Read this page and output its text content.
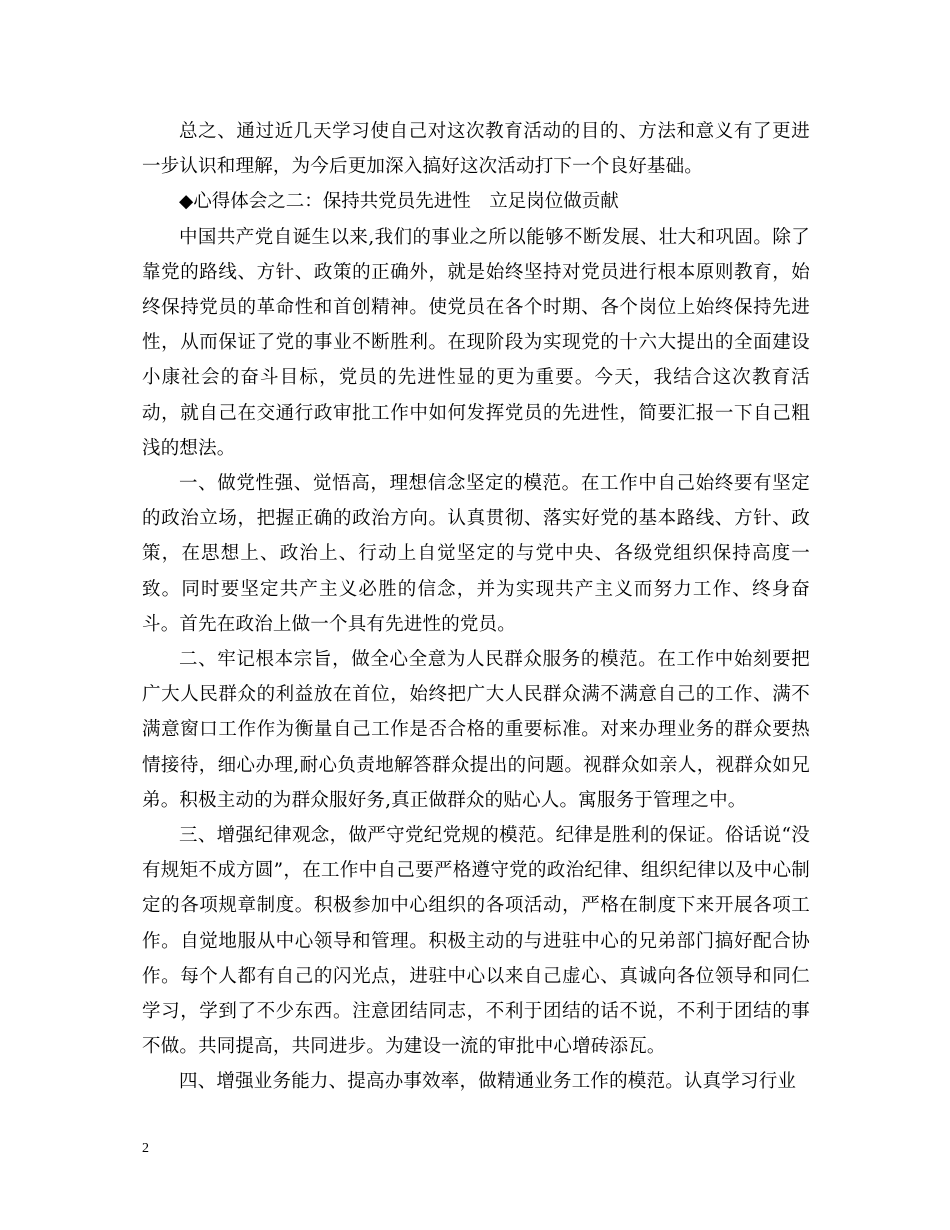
总之、通过近几天学习使自己对这次教育活动的目的、方法和意义有了更进一步认识和理解，为今后更加深入搞好这次活动打下一个良好基础。

◆心得体会之二：保持共党员先进性　立足岗位做贡献

中国共产党自诞生以来,我们的事业之所以能够不断发展、壮大和巩固。除了靠党的路线、方针、政策的正确外，就是始终坚持对党员进行根本原则教育，始终保持党员的革命性和首创精神。使党员在各个时期、各个岗位上始终保持先进性，从而保证了党的事业不断胜利。在现阶段为实现党的十六大提出的全面建设小康社会的奋斗目标，党员的先进性显的更为重要。今天，我结合这次教育活动，就自己在交通行政审批工作中如何发挥党员的先进性，简要汇报一下自己粗浅的想法。

一、做党性强、觉悟高，理想信念坚定的模范。在工作中自己始终要有坚定的政治立场，把握正确的政治方向。认真贯彻、落实好党的基本路线、方针、政策，在思想上、政治上、行动上自觉坚定的与党中央、各级党组织保持高度一致。同时要坚定共产主义必胜的信念，并为实现共产主义而努力工作、终身奋斗。首先在政治上做一个具有先进性的党员。

二、牢记根本宗旨，做全心全意为人民群众服务的模范。在工作中始刻要把广大人民群众的利益放在首位，始终把广大人民群众满不满意自己的工作、满不满意窗口工作作为衡量自己工作是否合格的重要标准。对来办理业务的群众要热情接待，细心办理,耐心负责地解答群众提出的问题。视群众如亲人，视群众如兄弟。积极主动的为群众服好务,真正做群众的贴心人。寓服务于管理之中。

三、增强纪律观念，做严守党纪党规的模范。纪律是胜利的保证。俗话说“没有规矩不成方圆”，在工作中自己要严格遵守党的政治纪律、组织纪律以及中心制定的各项规章制度。积极参加中心组织的各项活动，严格在制度下来开展各项工作。自觉地服从中心领导和管理。积极主动的与进驻中心的兄弟部门搞好配合协作。每个人都有自己的闪光点，进驻中心以来自己虚心、真诚向各位领导和同仁学习，学到了不少东西。注意团结同志，不利于团结的话不说，不利于团结的事不做。共同提高，共同进步。为建设一流的审批中心增砖添瓦。

四、增强业务能力、提高办事效率，做精通业务工作的模范。认真学习行业

2
